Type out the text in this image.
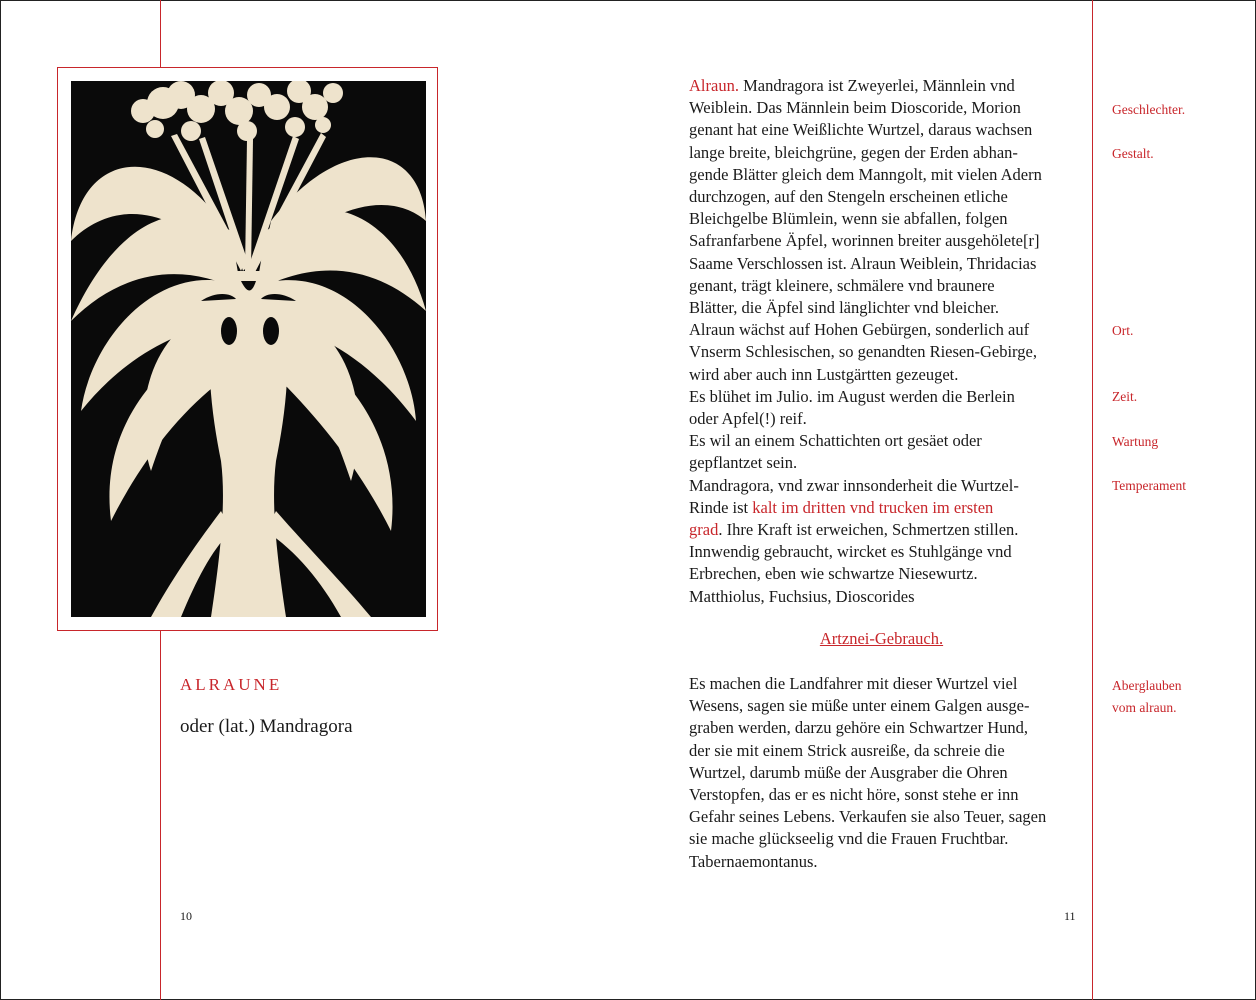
ALRAUNE
oder (lat.) Mandragora
10	11
Alraun. Mandragora ist Zweyerlei, Männlein vnd
Weiblein. Das Männlein beim Dioscoride, Morion
genant hat eine Weißlichte Wurtzel, daraus wachsen
lange breite, bleichgrüne, gegen der Erden abhan-
gende Blätter gleich dem Manngolt, mit vielen Adern
durchzogen, auf den Stengeln erscheinen etliche
Bleichgelbe Blümlein, wenn sie abfallen, folgen
Safranfarbene Äpfel, worinnen breiter ausgehölete[r]
Saame Verschlossen ist. Alraun Weiblein, Thridacias
genant, trägt kleinere, schmälere vnd braunere
Blätter, die Äpfel sind länglichter vnd bleicher.
Alraun wächst auf Hohen Gebürgen, sonderlich auf
Vnserm Schlesischen, so genandten Riesen-Gebirge,
wird aber auch inn Lustgärtten gezeuget.
Es blühet im Julio. im August werden die Berlein
oder Apfel(!) reif.
Es wil an einem Schattichten ort gesäet oder
gepflantzet sein.
Mandragora, vnd zwar innsonderheit die Wurtzel-
Rinde ist kalt im dritten vnd trucken im ersten
grad. Ihre Kraft ist erweichen, Schmertzen stillen.
Innwendig gebraucht, wircket es Stuhlgänge vnd
Erbrechen, eben wie schwartze Niesewurtz.
Matthiolus, Fuchsius, Dioscorides
Artznei-Gebrauch.
Es machen die Landfahrer mit dieser Wurtzel viel
Wesens, sagen sie müße unter einem Galgen ausge-
graben werden, darzu gehöre ein Schwartzer Hund,
der sie mit einem Strick ausreiße, da schreie die
Wurtzel, darumb müße der Ausgraber die Ohren
Verstopfen, das er es nicht höre, sonst stehe er inn
Gefahr seines Lebens. Verkaufen sie also Teuer, sagen
sie mache glückseelig vnd die Frauen Fruchtbar.
Tabernaemontanus.
Geschlechter.
Gestalt.
Ort.
Zeit.
Wartung
Temperament
Aberglauben
vom alraun.
